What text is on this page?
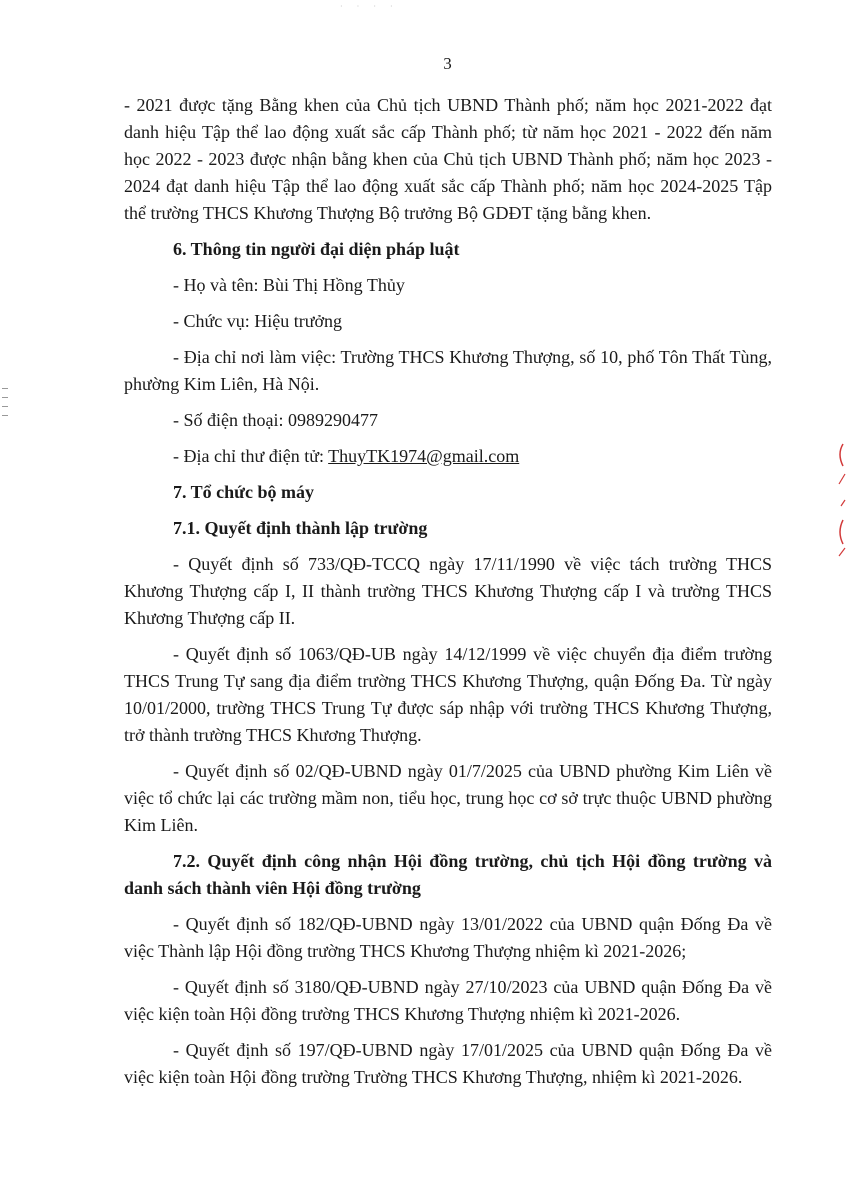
· · · ·
3

- 2021 được tặng Bằng khen của Chủ tịch UBND Thành phố; năm học 2021-2022 đạt danh hiệu Tập thể lao động xuất sắc cấp Thành phố; từ năm học 2021 - 2022 đến năm học 2022 - 2023 được nhận bằng khen của Chủ tịch UBND Thành phố; năm học 2023 - 2024 đạt danh hiệu Tập thể lao động xuất sắc cấp Thành phố; năm học 2024-2025 Tập thể trường THCS Khương Thượng Bộ trưởng Bộ GDĐT tặng bằng khen.

6. Thông tin người đại diện pháp luật

- Họ và tên: Bùi Thị Hồng Thủy

- Chức vụ: Hiệu trưởng

- Địa chỉ nơi làm việc: Trường THCS Khương Thượng, số 10, phố Tôn Thất Tùng, phường Kim Liên, Hà Nội.

- Số điện thoại: 0989290477

- Địa chỉ thư điện tử: ThuyTK1974@gmail.com

7. Tổ chức bộ máy
7.1. Quyết định thành lập trường

- Quyết định số 733/QĐ-TCCQ ngày 17/11/1990 về việc tách trường THCS Khương Thượng cấp I, II thành trường THCS Khương Thượng cấp I và trường THCS Khương Thượng cấp II.

- Quyết định số 1063/QĐ-UB ngày 14/12/1999 về việc chuyển địa điểm trường THCS Trung Tự sang địa điểm trường THCS Khương Thượng, quận Đống Đa. Từ ngày 10/01/2000, trường THCS Trung Tự được sáp nhập với trường THCS Khương Thượng, trở thành trường THCS Khương Thượng.

- Quyết định số 02/QĐ-UBND ngày 01/7/2025 của UBND phường Kim Liên về việc tổ chức lại các trường mầm non, tiểu học, trung học cơ sở trực thuộc UBND phường Kim Liên.

7.2. Quyết định công nhận Hội đồng trường, chủ tịch Hội đồng trường và danh sách thành viên Hội đồng trường

- Quyết định số 182/QĐ-UBND ngày 13/01/2022 của UBND quận Đống Đa về việc Thành lập Hội đồng trường THCS Khương Thượng nhiệm kì 2021-2026;

- Quyết định số 3180/QĐ-UBND ngày 27/10/2023 của UBND quận Đống Đa về việc kiện toàn Hội đồng trường THCS Khương Thượng nhiệm kì 2021-2026.

- Quyết định số 197/QĐ-UBND ngày 17/01/2025 của UBND quận Đống Đa về việc kiện toàn Hội đồng trường Trường THCS Khương Thượng, nhiệm kì 2021-2026.
